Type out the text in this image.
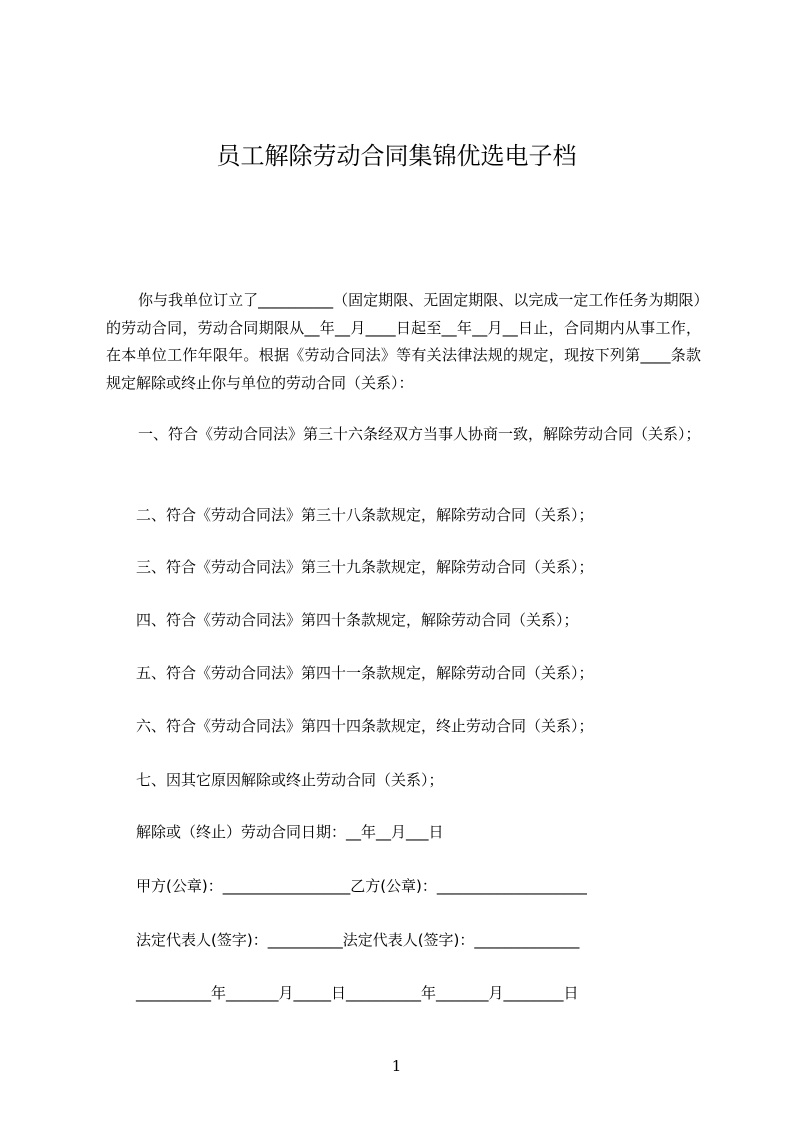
员工解除劳动合同集锦优选电子档
你与我单位订立了__________（固定期限、无固定期限、以完成一定工作任务为期限）的劳动合同，劳动合同期限从__年__月____日起至__年__月__日止，合同期内从事工作，在本单位工作年限年。根据《劳动合同法》等有关法律法规的规定，现按下列第____条款规定解除或终止你与单位的劳动合同（关系）：
一、符合《劳动合同法》第三十六条经双方当事人协商一致，解除劳动合同（关系）；
二、符合《劳动合同法》第三十八条款规定，解除劳动合同（关系）；
三、符合《劳动合同法》第三十九条款规定，解除劳动合同（关系）；
四、符合《劳动合同法》第四十条款规定，解除劳动合同（关系）；
五、符合《劳动合同法》第四十一条款规定，解除劳动合同（关系）；
六、符合《劳动合同法》第四十四条款规定，终止劳动合同（关系）；
七、因其它原因解除或终止劳动合同（关系）；
解除或（终止）劳动合同日期：__年__月___日
甲方(公章)：_________________乙方(公章)：____________________
法定代表人(签字)：__________法定代表人(签字)：______________
__________年_______月_____日__________年_______月________日
1
